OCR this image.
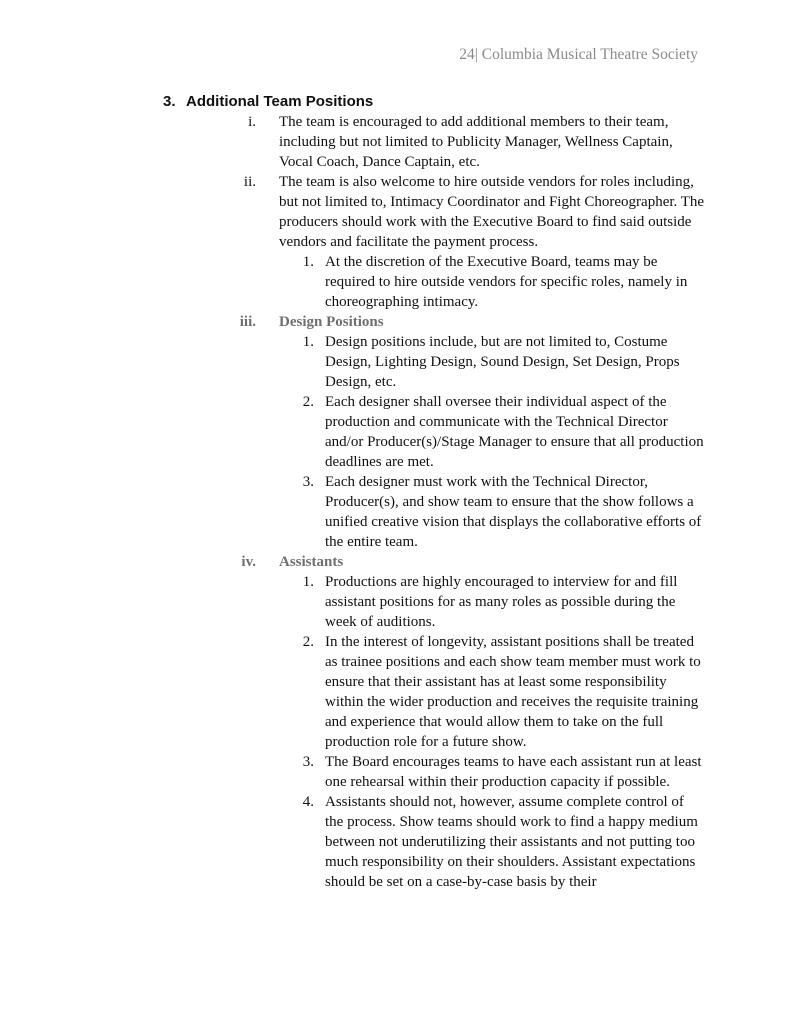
24| Columbia Musical Theatre Society
3. Additional Team Positions
i. The team is encouraged to add additional members to their team, including but not limited to Publicity Manager, Wellness Captain, Vocal Coach, Dance Captain, etc.
ii. The team is also welcome to hire outside vendors for roles including, but not limited to, Intimacy Coordinator and Fight Choreographer. The producers should work with the Executive Board to find said outside vendors and facilitate the payment process.
1. At the discretion of the Executive Board, teams may be required to hire outside vendors for specific roles, namely in choreographing intimacy.
iii. Design Positions
1. Design positions include, but are not limited to, Costume Design, Lighting Design, Sound Design, Set Design, Props Design, etc.
2. Each designer shall oversee their individual aspect of the production and communicate with the Technical Director and/or Producer(s)/Stage Manager to ensure that all production deadlines are met.
3. Each designer must work with the Technical Director, Producer(s), and show team to ensure that the show follows a unified creative vision that displays the collaborative efforts of the entire team.
iv. Assistants
1. Productions are highly encouraged to interview for and fill assistant positions for as many roles as possible during the week of auditions.
2. In the interest of longevity, assistant positions shall be treated as trainee positions and each show team member must work to ensure that their assistant has at least some responsibility within the wider production and receives the requisite training and experience that would allow them to take on the full production role for a future show.
3. The Board encourages teams to have each assistant run at least one rehearsal within their production capacity if possible.
4. Assistants should not, however, assume complete control of the process. Show teams should work to find a happy medium between not underutilizing their assistants and not putting too much responsibility on their shoulders. Assistant expectations should be set on a case-by-case basis by their
